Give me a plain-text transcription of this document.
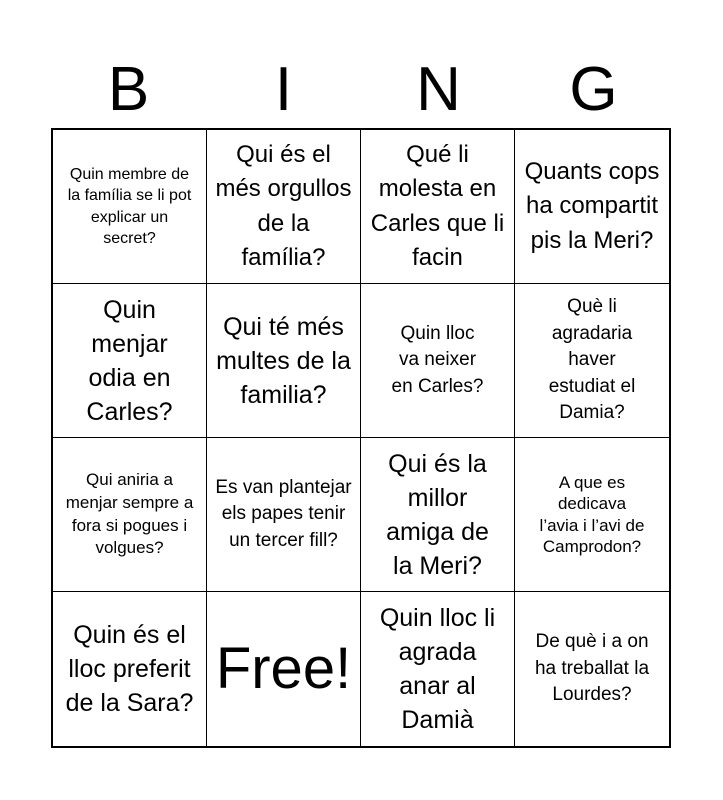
B	I	N	G
Quin membre de la família se li pot explicar un secret?
Qui és el més orgullos de la família?
Qué li molesta en Carles que li facin
Quants cops ha compartit pis la Meri?
Quin menjar odia en Carles?
Qui té més multes de la familia?
Quin lloc va neixer en Carles?
Què li agradaria haver estudiat el Damia?
Qui aniria a menjar sempre a fora si pogues i volgues?
Es van plantejar els papes tenir un tercer fill?
Qui és la millor amiga de la Meri?
A que es dedicava l’avia i l’avi de Camprodon?
Quin és el lloc preferit de la Sara?
Free!
Quin lloc li agrada anar al Damià
De què i a on ha treballat la Lourdes?
